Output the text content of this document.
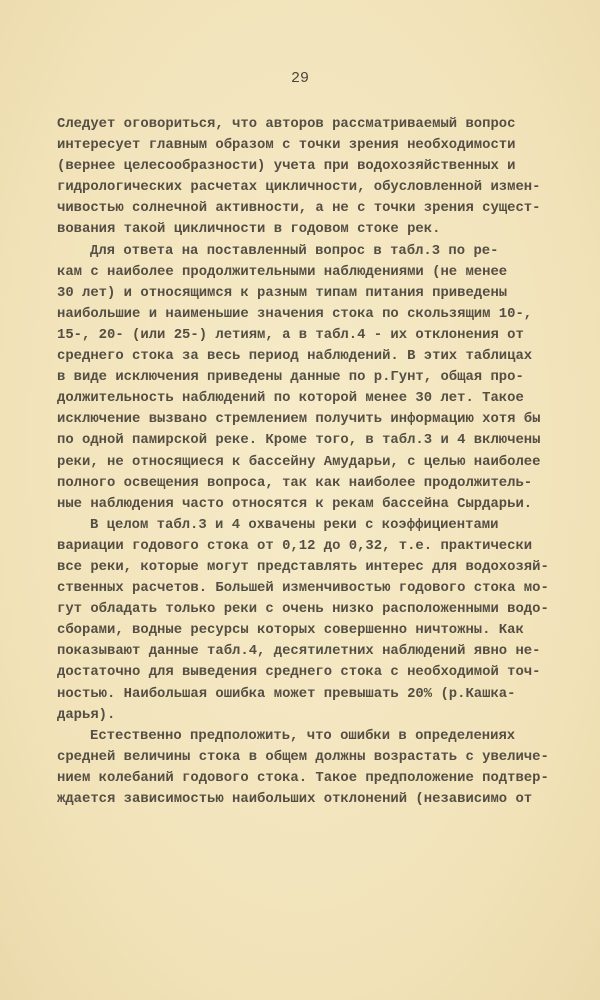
29
Следует оговориться, что авторов рассматриваемый вопрос
интересует главным образом с точки зрения необходимости
(вернее целесообразности) учета при водохозяйственных и
гидрологических расчетах цикличности, обусловленной измен-
чивостью солнечной активности, а не с точки зрения сущест-
вования такой цикличности в годовом стоке рек.
Для ответа на поставленный вопрос в табл.3 по ре-
кам с наиболее продолжительными наблюдениями (не менее
30 лет) и относящимся к разным типам питания приведены
наибольшие и наименьшие значения стока по скользящим 10-,
15-, 20- (или 25-) летиям, а в табл.4 - их отклонения от
среднего стока за весь период наблюдений. В этих таблицах
в виде исключения приведены данные по р.Гунт, общая про-
должительность наблюдений по которой менее 30 лет. Такое
исключение вызвано стремлением получить информацию хотя бы
по одной памирской реке. Кроме того, в табл.3 и 4 включены
реки, не относящиеся к бассейну Амударьи, с целью наиболее
полного освещения вопроса, так как наиболее продолжитель-
ные наблюдения часто относятся к рекам бассейна Сырдарьи.
В целом табл.3 и 4 охвачены реки с коэффициентами
вариации годового стока от 0,12 до 0,32, т.е. практически
все реки, которые могут представлять интерес для водохозяй-
ственных расчетов. Большей изменчивостью годового стока мо-
гут обладать только реки с очень низко расположенными водо-
сборами, водные ресурсы которых совершенно ничтожны. Как
показывают данные табл.4, десятилетних наблюдений явно не-
достаточно для выведения среднего стока с необходимой точ-
ностью. Наибольшая ошибка может превышать 20% (р.Кашка-
дарья).
Естественно предположить, что ошибки в определениях
средней величины стока в общем должны возрастать с увеличе-
нием колебаний годового стока. Такое предположение подтвер-
ждается зависимостью наибольших отклонений (независимо от
